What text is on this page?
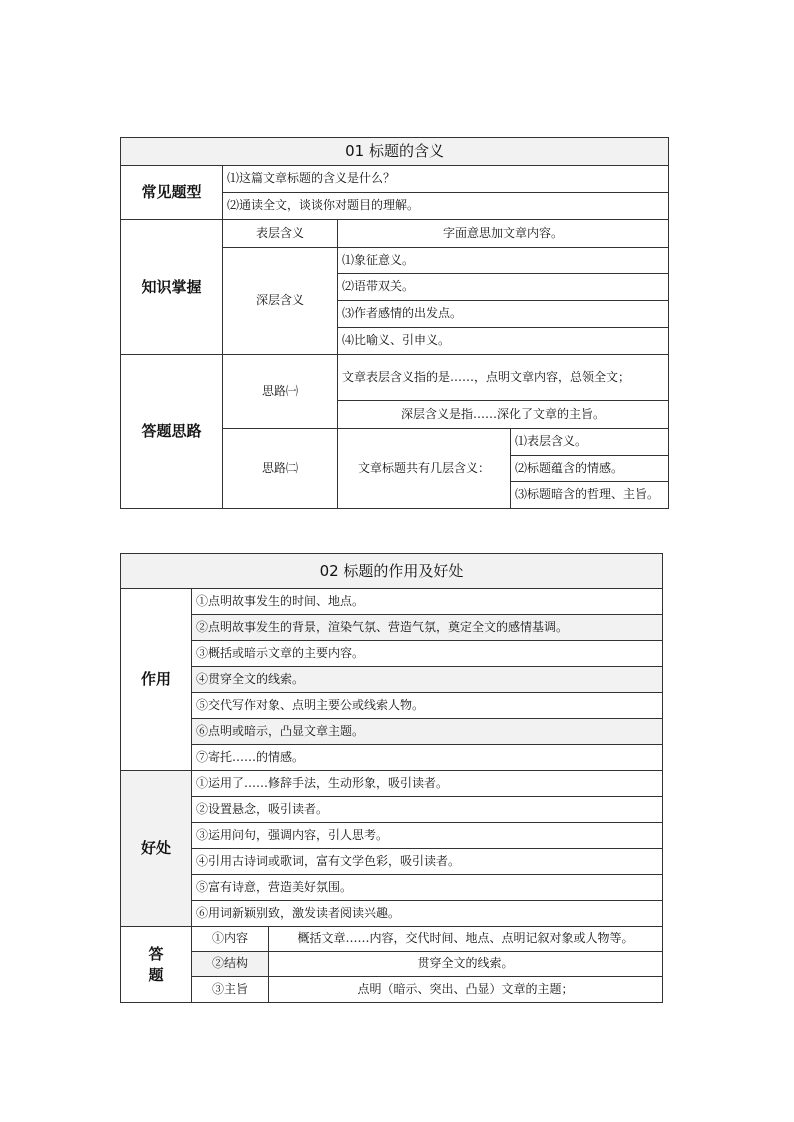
01 标题的含义			
常见题型	⑴这篇文章标题的含义是什么？		
	⑵通读全文，谈谈你对题目的理解。		
知识掌握	表层含义	字面意思加文章内容。	
	深层含义	⑴象征意义。	
		⑵语带双关。	
		⑶作者感情的出发点。	
		⑷比喻义、引申义。	
答题思路	思路㈠	文章表层含义指的是……，点明文章内容，总领全文；	
		深层含义是指……深化了文章的主旨。	
	思路㈡	文章标题共有几层含义：	⑴表层含义。
			⑵标题蕴含的情感。
			⑶标题暗含的哲理、主旨。
02 标题的作用及好处		
作用	①点明故事发生的时间、地点。	
	②点明故事发生的背景，渲染气氛、营造气氛，奠定全文的感情基调。	
	③概括或暗示文章的主要内容。	
	④贯穿全文的线索。	
	⑤交代写作对象、点明主要公或线索人物。	
	⑥点明或暗示，凸显文章主题。	
	⑦寄托……的情感。	
好处	①运用了……修辞手法，生动形象，吸引读者。	
	②设置悬念，吸引读者。	
	③运用问句，强调内容，引人思考。	
	④引用古诗词或歌词，富有文学色彩，吸引读者。	
	⑤富有诗意，营造美好氛围。	
	⑥用词新颖别致，激发读者阅读兴趣。	

答题	①内容	概括文章……内容，交代时间、地点、点明记叙对象或人物等。
	②结构	贯穿全文的线索。
	③主旨	点明（暗示、突出、凸显）文章的主题；
